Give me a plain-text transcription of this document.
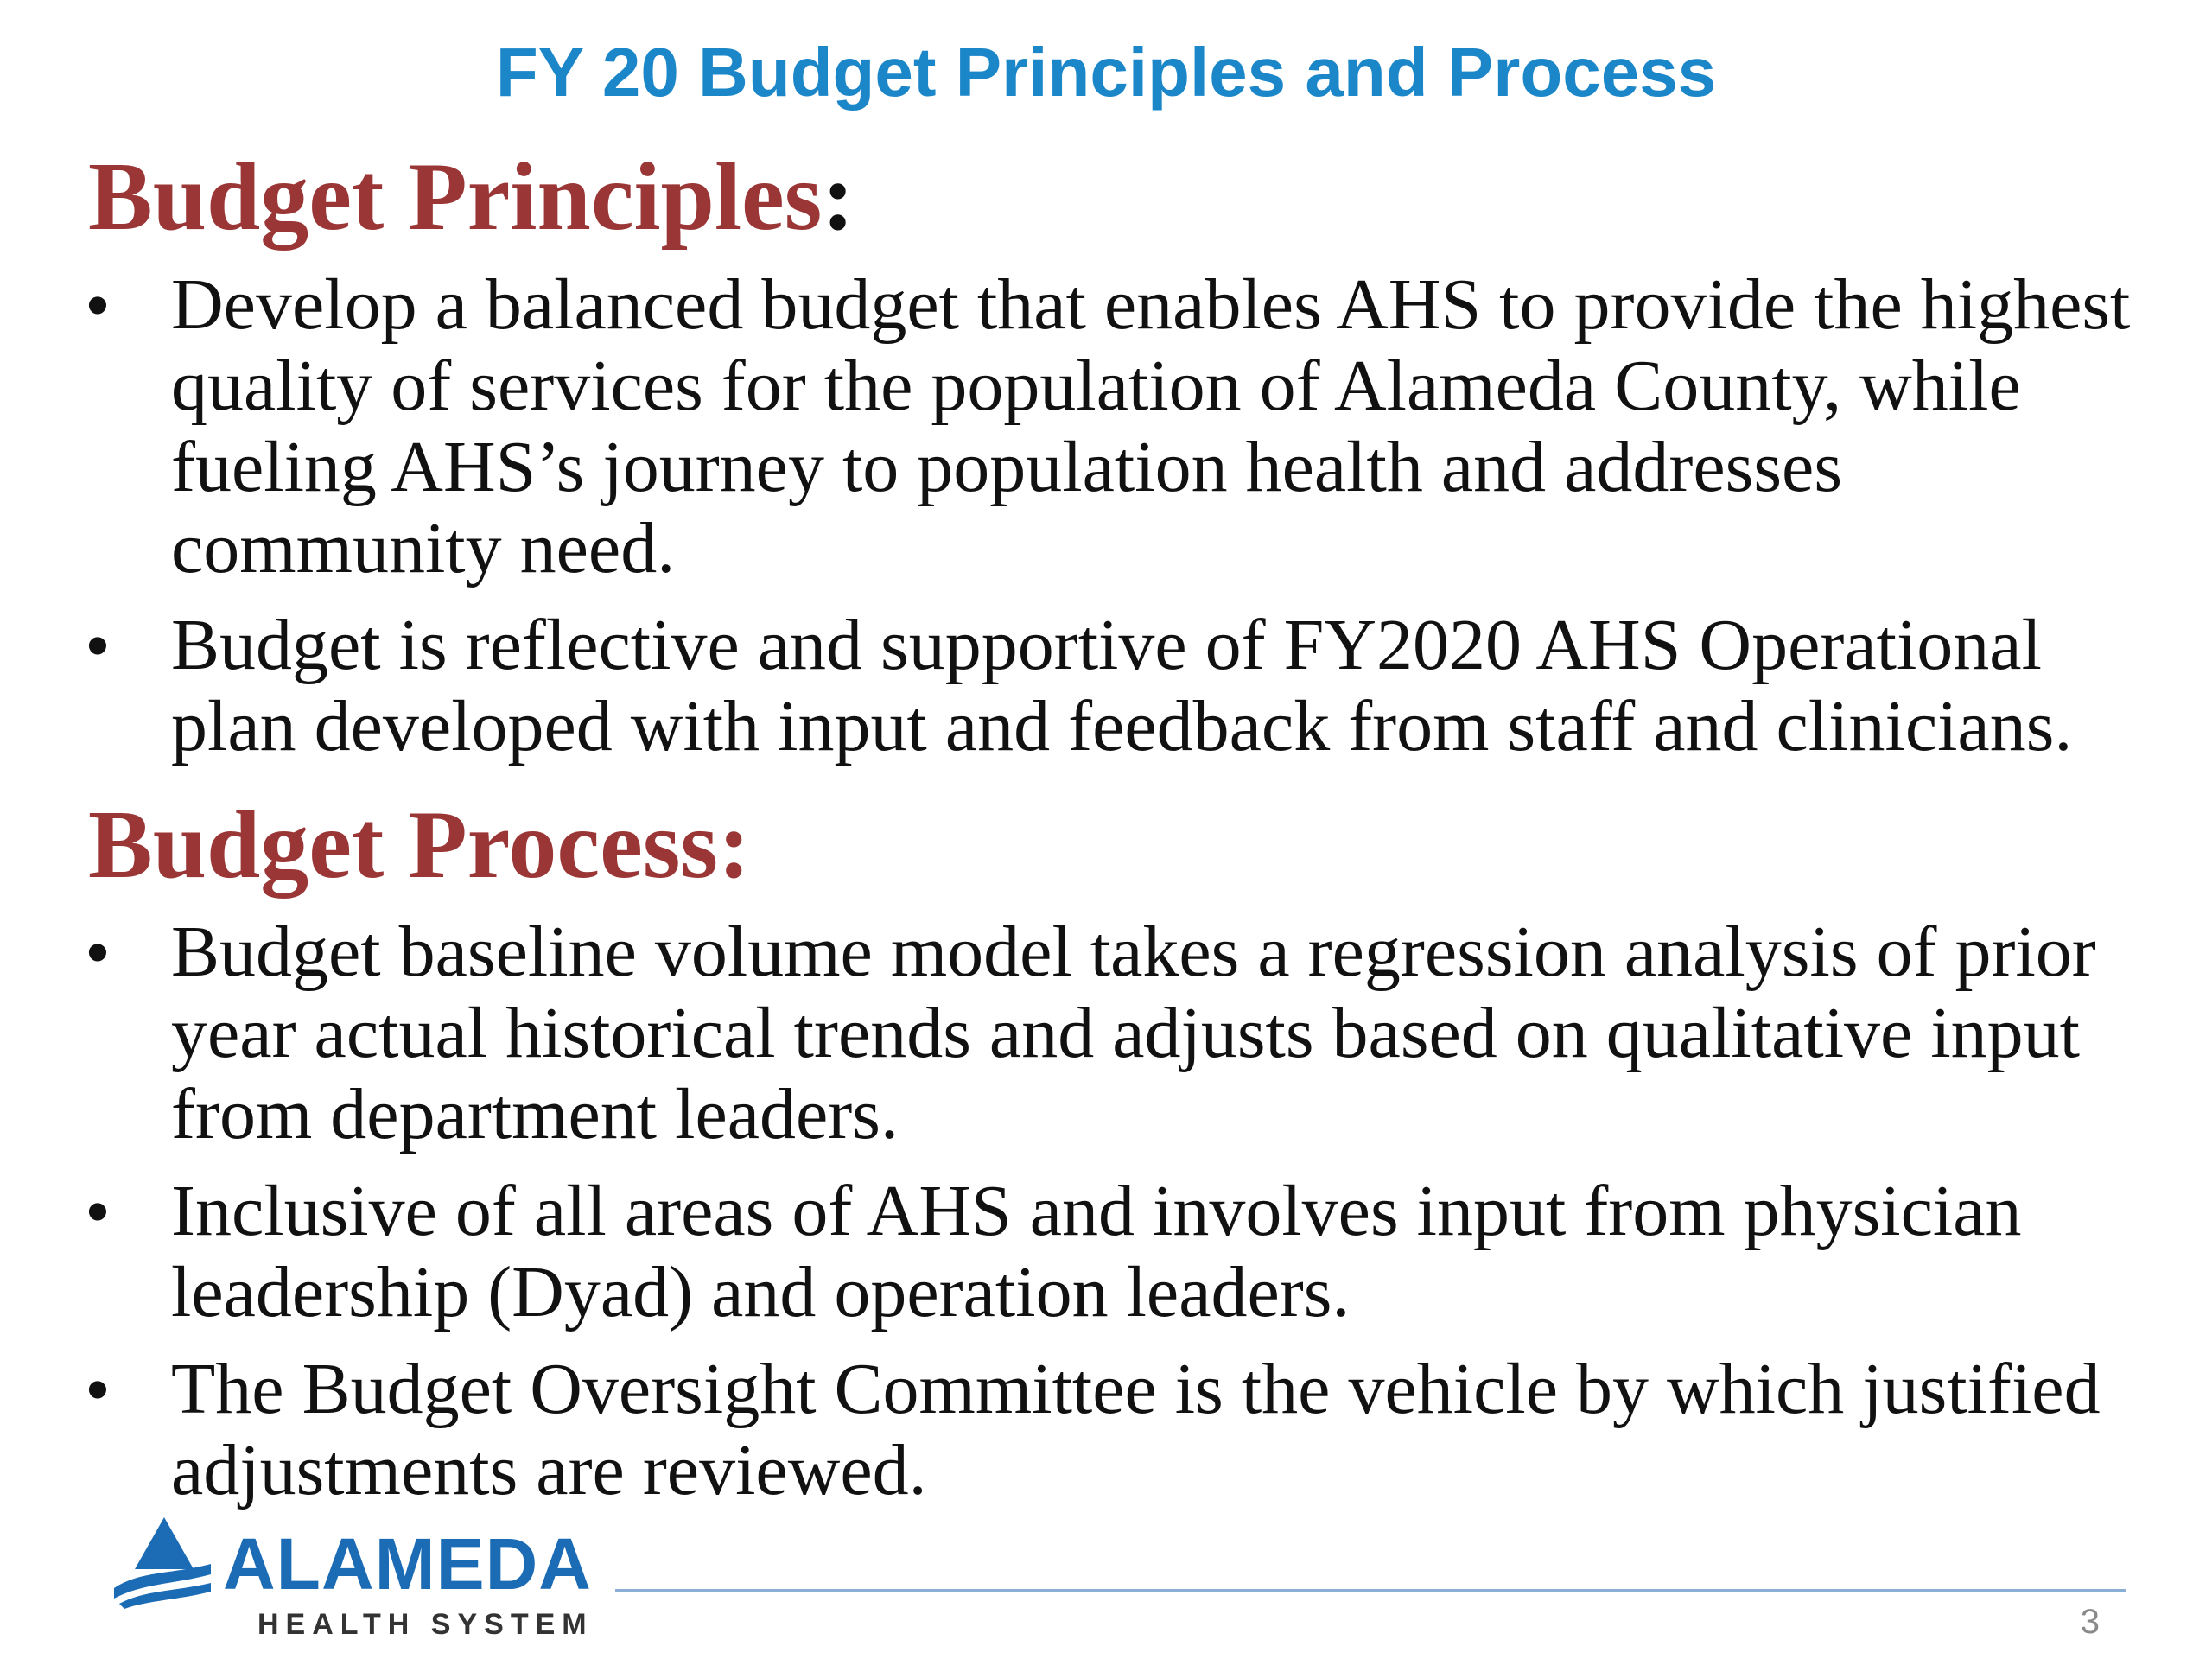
FY 20 Budget Principles and Process
Budget Principles:
• Develop a balanced budget that enables AHS to provide the highest quality of services for the population of Alameda County, while fueling AHS’s journey to population health and addresses community need.
• Budget is reflective and supportive of FY2020 AHS Operational plan developed with input and feedback from staff and clinicians.
Budget Process:
• Budget baseline volume model takes a regression analysis of prior year actual historical trends and adjusts based on qualitative input from department leaders.
• Inclusive of all areas of AHS and involves input from physician leadership (Dyad) and operation leaders.
• The Budget Oversight Committee is the vehicle by which justified adjustments are reviewed.
ALAMEDA
HEALTH SYSTEM	3
